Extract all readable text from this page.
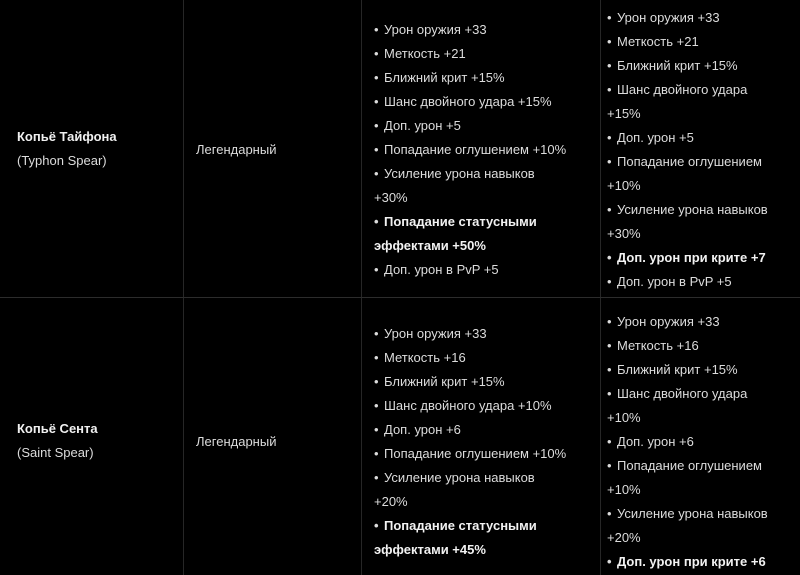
Копьё Тайфона
(Typhon Spear)
Легендарный
• Урон оружия +33
• Меткость +21
• Ближний крит +15%
• Шанс двойного удара +15%
• Доп. урон +5
• Попадание оглушением +10%
• Усиление урона навыков
+30%
• Попадание статусными
эффектами +50%
• Доп. урон в PvP +5
• Урон оружия +33
• Меткость +21
• Ближний крит +15%
• Шанс двойного удара
+15%
• Доп. урон +5
• Попадание оглушением
+10%
• Усиление урона навыков
+30%
• Доп. урон при крите +7
• Доп. урон в PvP +5
Копьё Сента
(Saint Spear)
Легендарный
• Урон оружия +33
• Меткость +16
• Ближний крит +15%
• Шанс двойного удара +10%
• Доп. урон +6
• Попадание оглушением +10%
• Усиление урона навыков
+20%
• Попадание статусными
эффектами +45%
• Урон оружия +33
• Меткость +16
• Ближний крит +15%
• Шанс двойного удара
+10%
• Доп. урон +6
• Попадание оглушением
+10%
• Усиление урона навыков
+20%
• Доп. урон при крите +6
